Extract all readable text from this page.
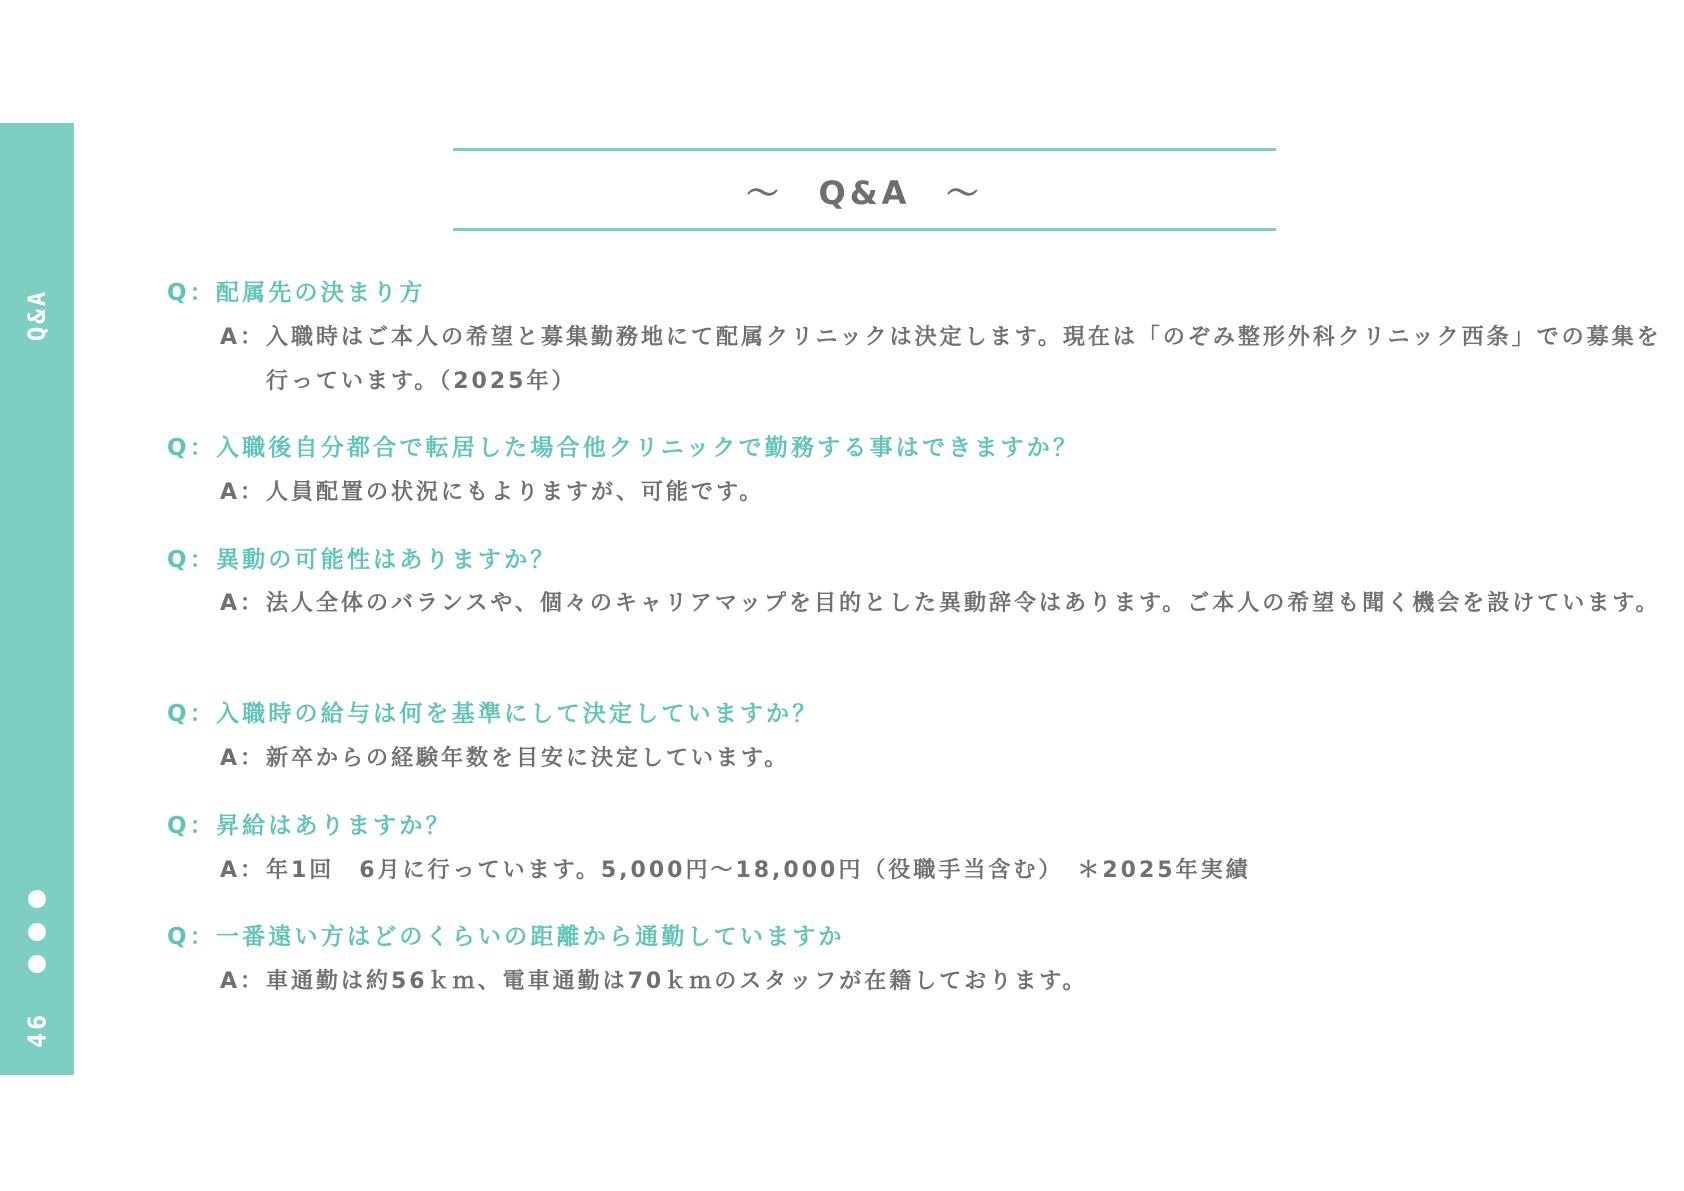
Q&A
46
～　Q&A　～
Q：配属先の決まり方
A：入職時はご本人の希望と募集勤務地にて配属クリニックは決定します。現在は「のぞみ整形外科クリニック西条」での募集を行っています。（2025年）
Q：入職後自分都合で転居した場合他クリニックで勤務する事はできますか？
A：人員配置の状況にもよりますが、可能です。
Q：異動の可能性はありますか？
A：法人全体のバランスや、個々のキャリアマップを目的とした異動辞令はあります。ご本人の希望も聞く機会を設けています。
Q：入職時の給与は何を基準にして決定していますか？
A：新卒からの経験年数を目安に決定しています。
Q：昇給はありますか？
A：年1回　6月に行っています。5,000円～18,000円（役職手当含む）　＊2025年実績
Q：一番遠い方はどのくらいの距離から通勤していますか
A：車通勤は約56ｋｍ、電車通勤は70ｋｍのスタッフが在籍しております。
